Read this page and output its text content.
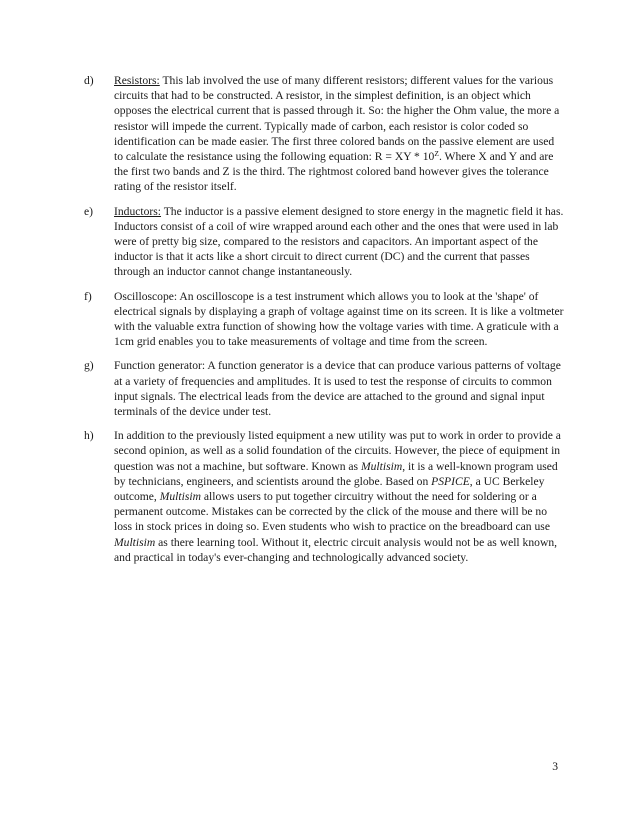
d) Resistors: This lab involved the use of many different resistors; different values for the various circuits that had to be constructed. A resistor, in the simplest definition, is an object which opposes the electrical current that is passed through it. So: the higher the Ohm value, the more a resistor will impede the current. Typically made of carbon, each resistor is color coded so identification can be made easier. The first three colored bands on the passive element are used to calculate the resistance using the following equation: R = XY * $10^Z$. Where X and Y and are the first two bands and Z is the third. The rightmost colored band however gives the tolerance rating of the resistor itself.
e) Inductors: The inductor is a passive element designed to store energy in the magnetic field it has. Inductors consist of a coil of wire wrapped around each other and the ones that were used in lab were of pretty big size, compared to the resistors and capacitors. An important aspect of the inductor is that it acts like a short circuit to direct current (DC) and the current that passes through an inductor cannot change instantaneously.
f) Oscilloscope: An oscilloscope is a test instrument which allows you to look at the 'shape' of electrical signals by displaying a graph of voltage against time on its screen. It is like a voltmeter with the valuable extra function of showing how the voltage varies with time. A graticule with a 1cm grid enables you to take measurements of voltage and time from the screen.
g) Function generator: A function generator is a device that can produce various patterns of voltage at a variety of frequencies and amplitudes. It is used to test the response of circuits to common input signals. The electrical leads from the device are attached to the ground and signal input terminals of the device under test.
h) In addition to the previously listed equipment a new utility was put to work in order to provide a second opinion, as well as a solid foundation of the circuits. However, the piece of equipment in question was not a machine, but software. Known as Multisim, it is a well-known program used by technicians, engineers, and scientists around the globe. Based on PSPICE, a UC Berkeley outcome, Multisim allows users to put together circuitry without the need for soldering or a permanent outcome. Mistakes can be corrected by the click of the mouse and there will be no loss in stock prices in doing so. Even students who wish to practice on the breadboard can use Multisim as there learning tool. Without it, electric circuit analysis would not be as well known, and practical in today's ever-changing and technologically advanced society.
3
